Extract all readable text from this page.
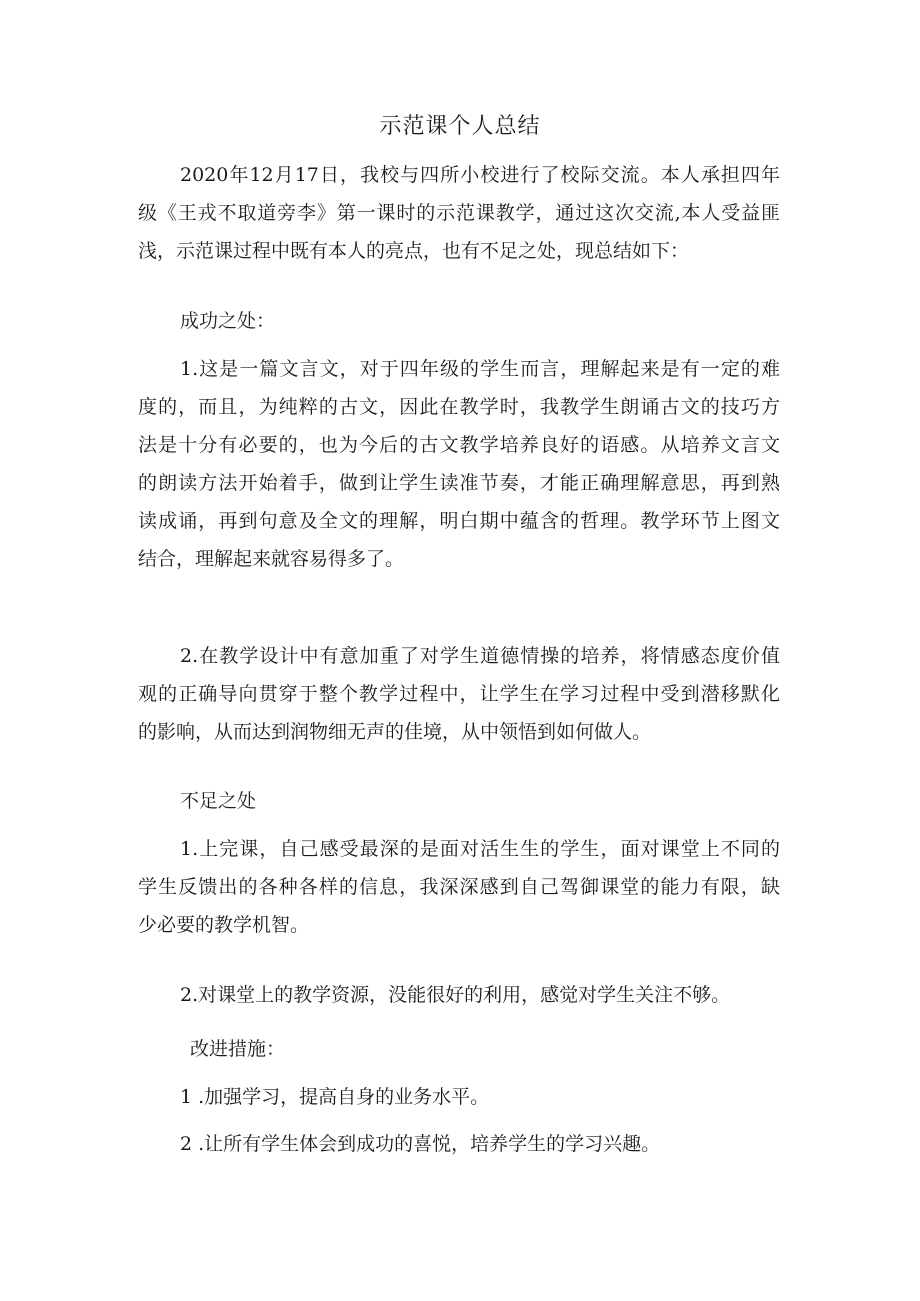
示范课个人总结
2020年12月17日，我校与四所小校进行了校际交流。本人承担四年
级《王戎不取道旁李》第一课时的示范课教学，通过这次交流,本人受益匪
浅，示范课过程中既有本人的亮点，也有不足之处，现总结如下：
成功之处：
1.这是一篇文言文，对于四年级的学生而言，理解起来是有一定的难
度的，而且，为纯粹的古文，因此在教学时，我教学生朗诵古文的技巧方
法是十分有必要的，也为今后的古文教学培养良好的语感。从培养文言文
的朗读方法开始着手，做到让学生读准节奏，才能正确理解意思，再到熟
读成诵，再到句意及全文的理解，明白期中蕴含的哲理。教学环节上图文
结合，理解起来就容易得多了。
2.在教学设计中有意加重了对学生道德情操的培养，将情感态度价值
观的正确导向贯穿于整个教学过程中，让学生在学习过程中受到潜移默化
的影响，从而达到润物细无声的佳境，从中领悟到如何做人。
不足之处
1.上完课，自己感受最深的是面对活生生的学生，面对课堂上不同的
学生反馈出的各种各样的信息，我深深感到自己驾御课堂的能力有限，缺
少必要的教学机智。
2.对课堂上的教学资源，没能很好的利用，感觉对学生关注不够。
改进措施：
1 .加强学习，提高自身的业务水平。
2 .让所有学生体会到成功的喜悦，培养学生的学习兴趣。
